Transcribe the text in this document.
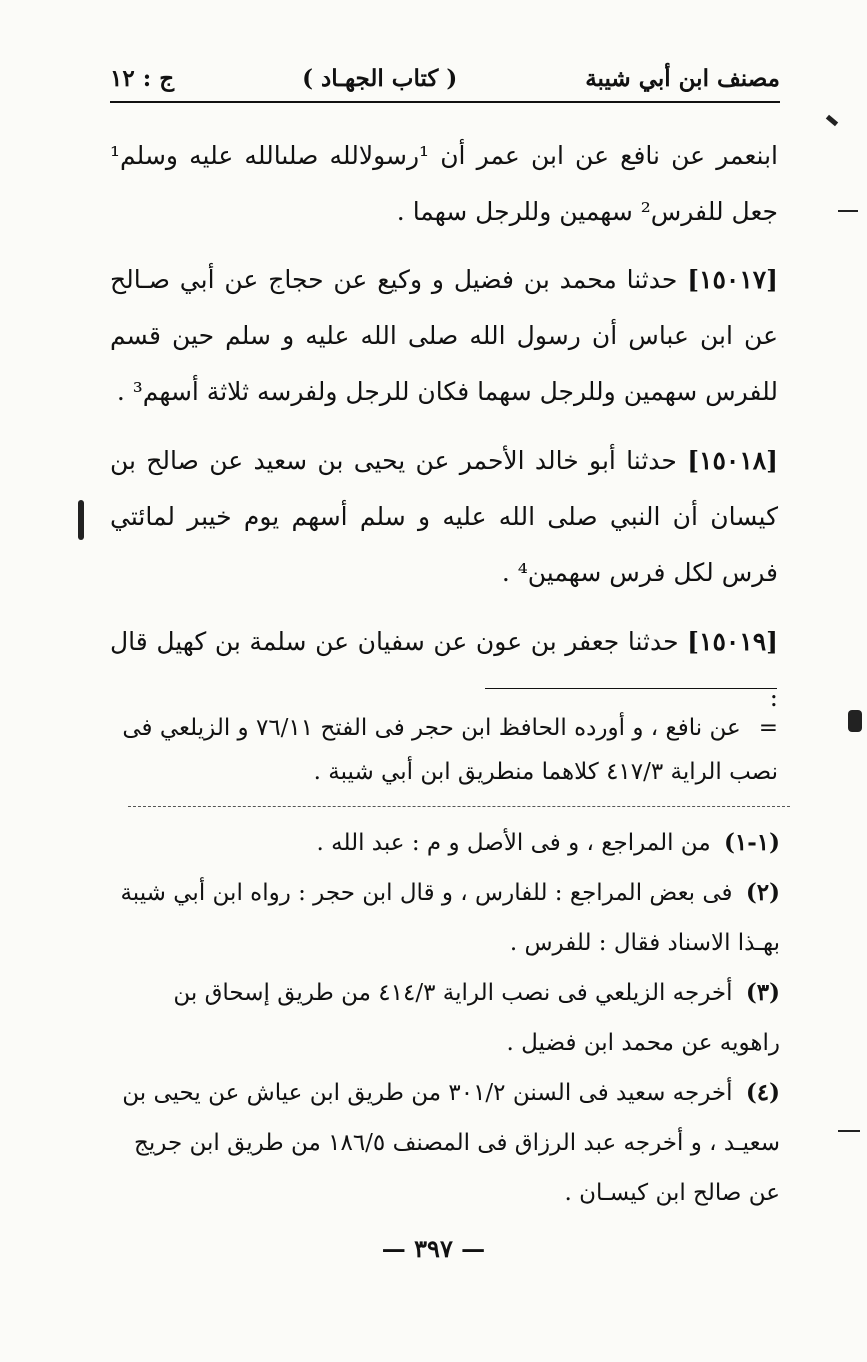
مصنف ابن أبي شيبة
( كتاب الجهـاد )
ج : ١٢
ابنعمر عن نافع عن ابن عمر أن ¹رسولالله صلىالله عليه وسلم¹ جعل للفرس² سهمين وللرجل سهما .
[١٥٠١٧] حدثنا محمد بن فضيل و وكيع عن حجاج عن أبي صـالح عن ابن عباس أن رسول الله صلى الله عليه و سلم حين قسم للفرس سهمين وللرجل سهما فكان للرجل ولفرسه ثلاثة أسهم³ .
[١٥٠١٨] حدثنا أبو خالد الأحمر عن يحيى بن سعيد عن صالح بن كيسان أن النبي صلى الله عليه و سلم أسهم يوم خيبر لمائتي فرس لكل فرس سهمين⁴ .
[١٥٠١٩] حدثنا جعفر بن عون عن سفيان عن سلمة بن كهيل قال :
= عن نافع ، و أورده الحافظ ابن حجر فى الفتح ٧٦/١١ و الزيلعي فى نصب الراية ٤١٧/٣ كلاهما منطريق ابن أبي شيبة .
(١-١) من المراجع ، و فى الأصل و م : عبد الله .
(٢) فى بعض المراجع : للفارس ، و قال ابن حجر : رواه ابن أبي شيبة بهـذا الاسناد فقال : للفرس .
(٣) أخرجه الزيلعي فى نصب الراية ٤١٤/٣ من طريق إسحاق بن راهويه عن محمد ابن فضيل .
(٤) أخرجه سعيد فى السنن ٣٠١/٢ من طريق ابن عياش عن يحيى بن سعيـد ، و أخرجه عبد الرزاق فى المصنف ١٨٦/٥ من طريق ابن جريج عن صالح ابن كيسـان .
— ٣٩٧ —
